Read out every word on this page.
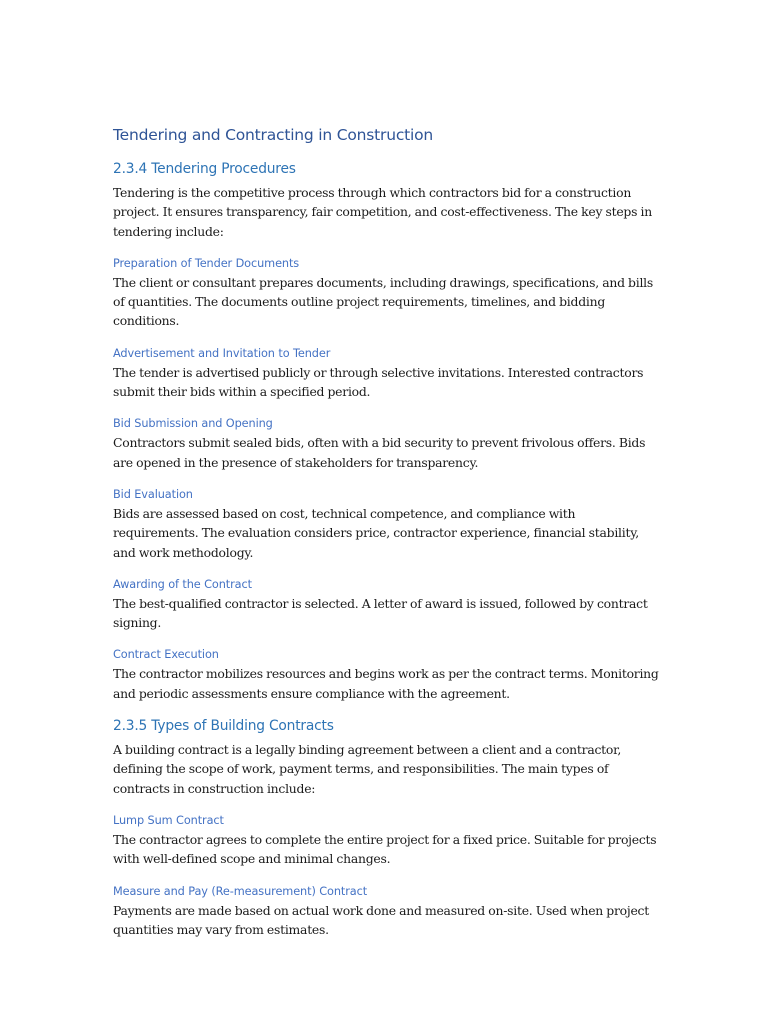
Tendering and Contracting in Construction
2.3.4 Tendering Procedures

Tendering is the competitive process through which contractors bid for a construction project. It ensures transparency, fair competition, and cost-effectiveness. The key steps in tendering include:

Preparation of Tender Documents

The client or consultant prepares documents, including drawings, specifications, and bills of quantities. The documents outline project requirements, timelines, and bidding conditions.

Advertisement and Invitation to Tender

The tender is advertised publicly or through selective invitations. Interested contractors submit their bids within a specified period.

Bid Submission and Opening

Contractors submit sealed bids, often with a bid security to prevent frivolous offers. Bids are opened in the presence of stakeholders for transparency.

Bid Evaluation

Bids are assessed based on cost, technical competence, and compliance with requirements. The evaluation considers price, contractor experience, financial stability, and work methodology.

Awarding of the Contract

The best-qualified contractor is selected. A letter of award is issued, followed by contract signing.

Contract Execution

The contractor mobilizes resources and begins work as per the contract terms. Monitoring and periodic assessments ensure compliance with the agreement.

2.3.5 Types of Building Contracts

A building contract is a legally binding agreement between a client and a contractor, defining the scope of work, payment terms, and responsibilities. The main types of contracts in construction include:

Lump Sum Contract

The contractor agrees to complete the entire project for a fixed price. Suitable for projects with well-defined scope and minimal changes.

Measure and Pay (Re-measurement) Contract

Payments are made based on actual work done and measured on-site. Used when project quantities may vary from estimates.
